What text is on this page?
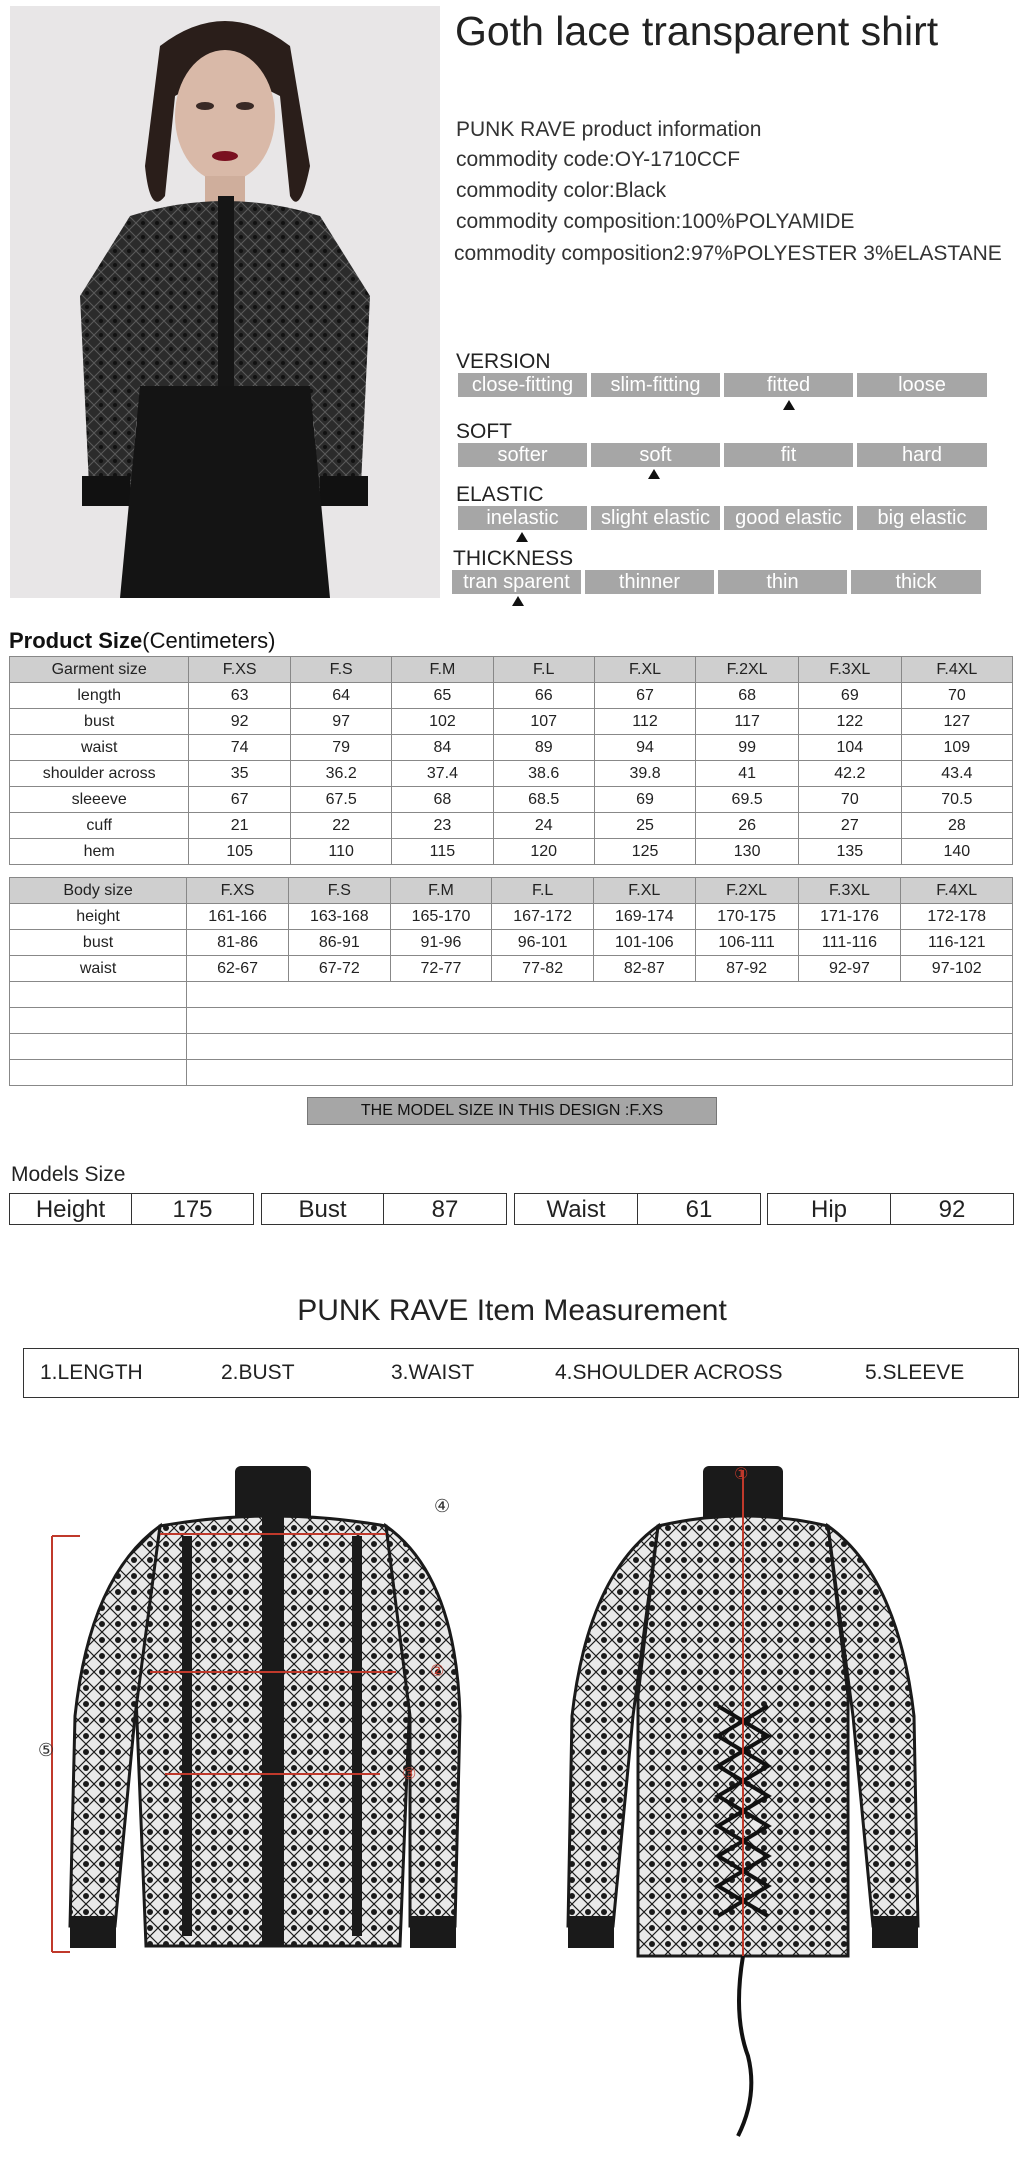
Goth lace transparent shirt
PUNK RAVE product information
commodity code:OY-1710CCF
commodity color:Black
commodity composition:100%POLYAMIDE
commodity composition2:97%POLYESTER 3%ELASTANE
VERSION
close-fitting	slim-fitting	fitted	loose
SOFT
softer	soft	fit	hard
ELASTIC
inelastic	slight elastic	good elastic	big elastic
THICKNESS
tran sparent	thinner	thin	thick
Product Size(Centimeters)
Garment size	F.XS	F.S	F.M	F.L	F.XL	F.2XL	F.3XL	F.4XL
length	63	64	65	66	67	68	69	70
bust	92	97	102	107	112	117	122	127
waist	74	79	84	89	94	99	104	109
shoulder across	35	36.2	37.4	38.6	39.8	41	42.2	43.4
sleeeve	67	67.5	68	68.5	69	69.5	70	70.5
cuff	21	22	23	24	25	26	27	28
hem	105	110	115	120	125	130	135	140
Body size	F.XS	F.S	F.M	F.L	F.XL	F.2XL	F.3XL	F.4XL
height	161-166	163-168	165-170	167-172	169-174	170-175	171-176	172-178
bust	81-86	86-91	91-96	96-101	101-106	106-111	111-116	116-121
waist	62-67	67-72	72-77	77-82	82-87	87-92	92-97	97-102

THE MODEL SIZE IN THIS DESIGN :F.XS
Models Size
Height	175	Bust	87	Waist	61	Hip	92
PUNK RAVE Item Measurement
1.LENGTH	2.BUST	3.WAIST	4.SHOULDER ACROSS	5.SLEEVE
④
⑤
②
③
①
